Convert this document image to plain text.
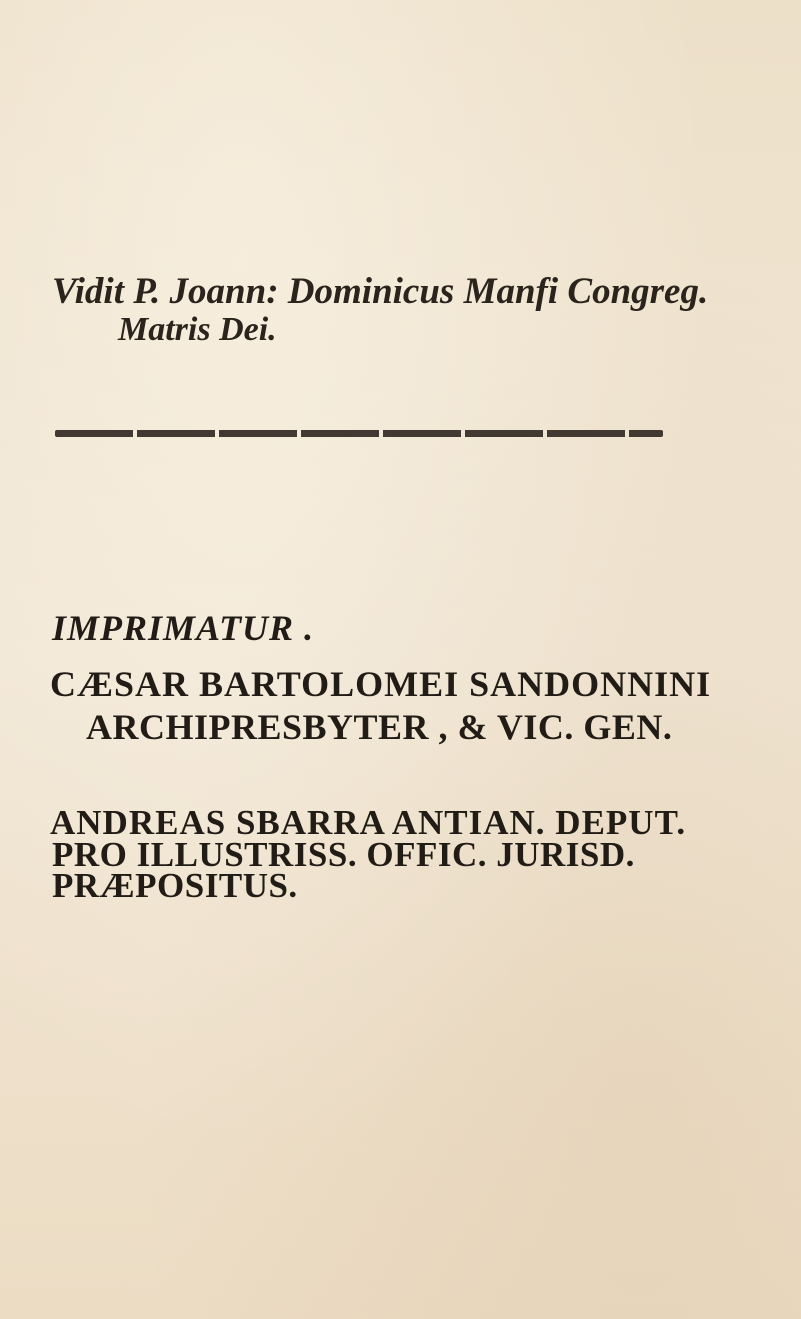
Vidit P. Joann: Dominicus Manfi Congreg.
Matris Dei.
IMPRIMATUR .
CÆSAR BARTOLOMEI SANDONNINI
ARCHIPRESBYTER , & VIC. GEN.
ANDREAS SBARRA ANTIAN. DEPUT.
PRO ILLUSTRISS. OFFIC. JURISD.
PRÆPOSITUS.
